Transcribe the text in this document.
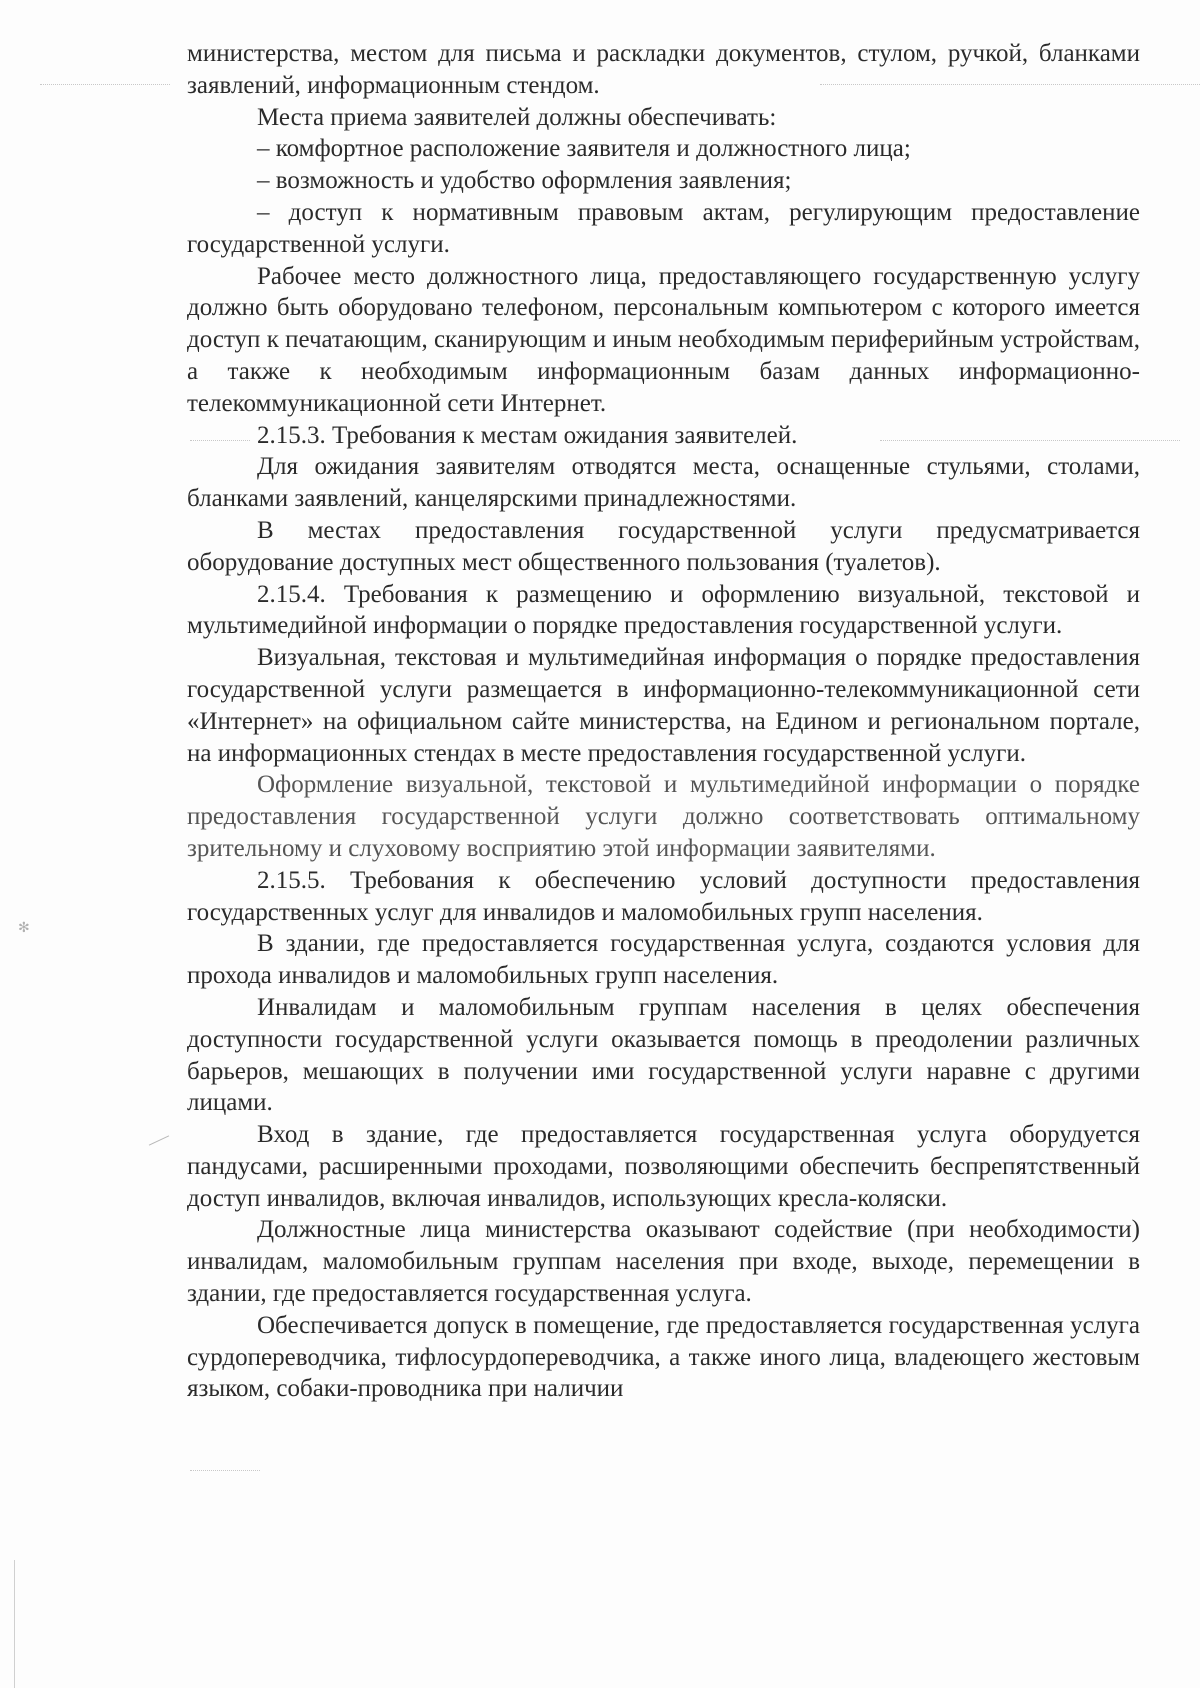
✻

министерства, местом для письма и раскладки документов, стулом, ручкой, бланками заявлений, информационным стендом.

Места приема заявителей должны обеспечивать:

– комфортное расположение заявителя и должностного лица;

– возможность и удобство оформления заявления;

– доступ к нормативным правовым актам, регулирующим предоставление государственной услуги.

Рабочее место должностного лица, предоставляющего государственную услугу должно быть оборудовано телефоном, персональным компьютером с которого имеется доступ к печатающим, сканирующим и иным необходимым периферийным устройствам, а также к необходимым информационным базам данных информационно-телекоммуникационной сети Интернет.

2.15.3. Требования к местам ожидания заявителей.

Для ожидания заявителям отводятся места, оснащенные стульями, столами, бланками заявлений, канцелярскими принадлежностями.

В местах предоставления государственной услуги предусматривается оборудование доступных мест общественного пользования (туалетов).

2.15.4. Требования к размещению и оформлению визуальной, текстовой и мультимедийной информации о порядке предоставления государственной услуги.

Визуальная, текстовая и мультимедийная информация о порядке предоставления государственной услуги размещается в информационно-телекоммуникационной сети «Интернет» на официальном сайте министерства, на Едином и региональном портале, на информационных стендах в месте предоставления государственной услуги.

Оформление визуальной, текстовой и мультимедийной информации о порядке предоставления государственной услуги должно соответствовать оптимальному зрительному и слуховому восприятию этой информации заявителями.

2.15.5. Требования к обеспечению условий доступности предоставления государственных услуг для инвалидов и маломобильных групп населения.

В здании, где предоставляется государственная услуга, создаются условия для прохода инвалидов и маломобильных групп населения.

Инвалидам и маломобильным группам населения в целях обеспечения доступности государственной услуги оказывается помощь в преодолении различных барьеров, мешающих в получении ими государственной услуги наравне с другими лицами.

Вход в здание, где предоставляется государственная услуга оборудуется пандусами, расширенными проходами, позволяющими обеспечить беспрепятственный доступ инвалидов, включая инвалидов, использующих кресла-коляски.

Должностные лица министерства оказывают содействие (при необходимости) инвалидам, маломобильным группам населения при входе, выходе, перемещении в здании, где предоставляется государственная услуга.

Обеспечивается допуск в помещение, где предоставляется государственная услуга сурдопереводчика, тифлосурдопереводчика, а также иного лица, владеющего жестовым языком, собаки-проводника при наличии
